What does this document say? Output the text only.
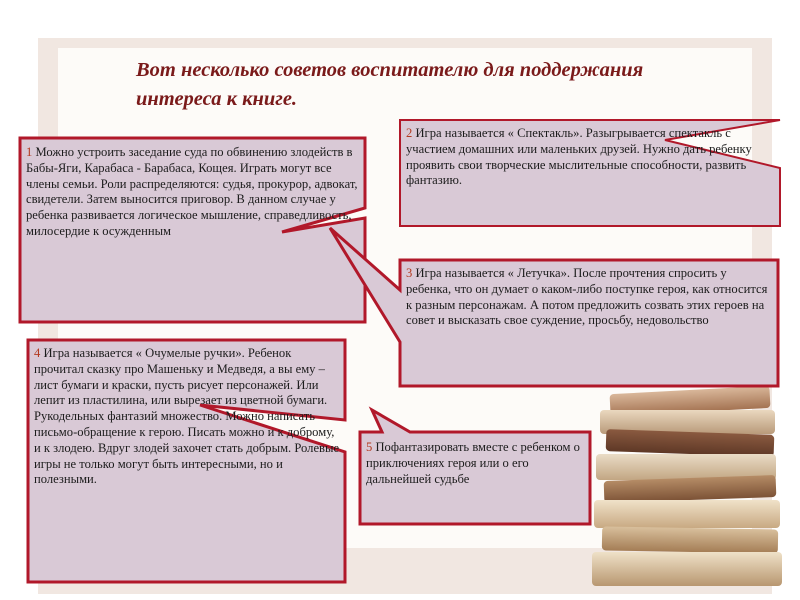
Вот несколько советов воспитателю для поддержания интереса к книге.
1 Можно устроить заседание суда по обвинению злодейств в Бабы-Яги, Карабаса - Барабаса, Кощея. Играть могут все члены семьи. Роли распределяются: судья, прокурор, адвокат, свидетели. Затем выносится приговор. В данном случае у ребенка развивается логическое мышление, справедливость, милосердие к осужденным
2 Игра называется « Спектакль». Разыгрывается спектакль с участием домашних или маленьких друзей. Нужно дать ребенку проявить свои творческие мыслительные способности, развить фантазию.
3 Игра называется « Летучка». После прочтения спросить у ребенка, что он думает о каком-либо поступке героя, как относится к разным персонажам. А потом предложить созвать этих героев на совет и высказать свое суждение, просьбу, недовольство
4 Игра называется « Очумелые ручки». Ребенок прочитал сказку про Машеньку и Медведя, а вы ему – лист бумаги и краски, пусть рисует персонажей. Или лепит из пластилина, или вырезает из цветной бумаги. Рукодельных фантазий множество. Можно написать письмо-обращение к герою. Писать можно и к доброму, и к злодею. Вдруг злодей захочет стать добрым. Ролевые игры не только могут быть интересными, но и полезными.
5 Пофантазировать вместе с ребенком о приключениях героя или о его дальнейшей судьбе
